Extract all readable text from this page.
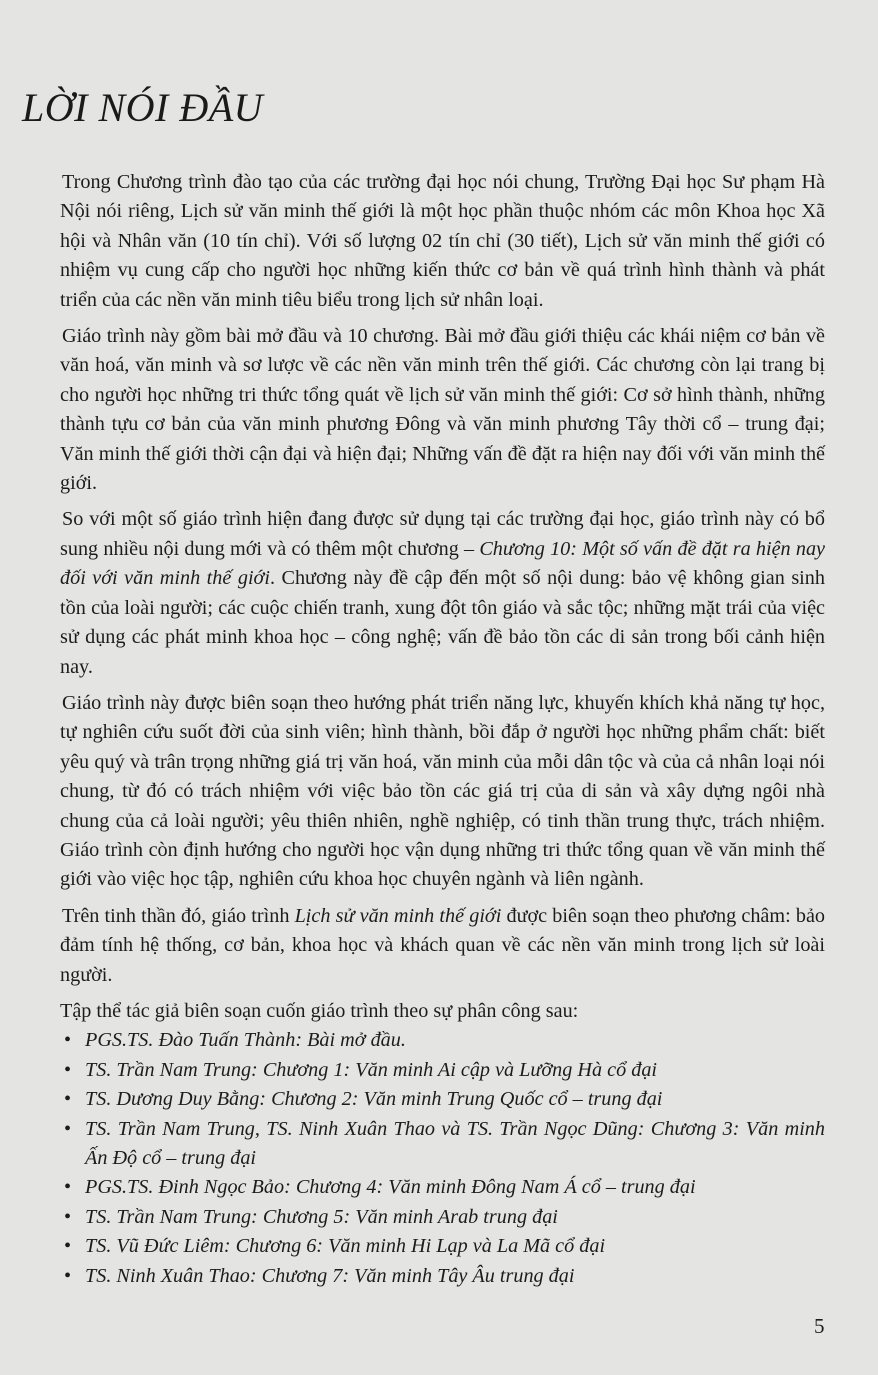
LỜI NÓI ĐẦU

Trong Chương trình đào tạo của các trường đại học nói chung, Trường Đại học Sư phạm Hà Nội nói riêng, Lịch sử văn minh thế giới là một học phần thuộc nhóm các môn Khoa học Xã hội và Nhân văn (10 tín chỉ). Với số lượng 02 tín chỉ (30 tiết), Lịch sử văn minh thế giới có nhiệm vụ cung cấp cho người học những kiến thức cơ bản về quá trình hình thành và phát triển của các nền văn minh tiêu biểu trong lịch sử nhân loại.

Giáo trình này gồm bài mở đầu và 10 chương. Bài mở đầu giới thiệu các khái niệm cơ bản về văn hoá, văn minh và sơ lược về các nền văn minh trên thế giới. Các chương còn lại trang bị cho người học những tri thức tổng quát về lịch sử văn minh thế giới: Cơ sở hình thành, những thành tựu cơ bản của văn minh phương Đông và văn minh phương Tây thời cổ – trung đại; Văn minh thế giới thời cận đại và hiện đại; Những vấn đề đặt ra hiện nay đối với văn minh thế giới.

So với một số giáo trình hiện đang được sử dụng tại các trường đại học, giáo trình này có bổ sung nhiều nội dung mới và có thêm một chương – Chương 10: Một số vấn đề đặt ra hiện nay đối với văn minh thế giới. Chương này đề cập đến một số nội dung: bảo vệ không gian sinh tồn của loài người; các cuộc chiến tranh, xung đột tôn giáo và sắc tộc; những mặt trái của việc sử dụng các phát minh khoa học – công nghệ; vấn đề bảo tồn các di sản trong bối cảnh hiện nay.

Giáo trình này được biên soạn theo hướng phát triển năng lực, khuyến khích khả năng tự học, tự nghiên cứu suốt đời của sinh viên; hình thành, bồi đắp ở người học những phẩm chất: biết yêu quý và trân trọng những giá trị văn hoá, văn minh của mỗi dân tộc và của cả nhân loại nói chung, từ đó có trách nhiệm với việc bảo tồn các giá trị của di sản và xây dựng ngôi nhà chung của cả loài người; yêu thiên nhiên, nghề nghiệp, có tinh thần trung thực, trách nhiệm. Giáo trình còn định hướng cho người học vận dụng những tri thức tổng quan về văn minh thế giới vào việc học tập, nghiên cứu khoa học chuyên ngành và liên ngành.

Trên tinh thần đó, giáo trình Lịch sử văn minh thế giới được biên soạn theo phương châm: bảo đảm tính hệ thống, cơ bản, khoa học và khách quan về các nền văn minh trong lịch sử loài người.

Tập thể tác giả biên soạn cuốn giáo trình theo sự phân công sau:

• PGS.TS. Đào Tuấn Thành: Bài mở đầu.
• TS. Trần Nam Trung: Chương 1: Văn minh Ai cập và Lưỡng Hà cổ đại
• TS. Dương Duy Bằng: Chương 2: Văn minh Trung Quốc cổ – trung đại
• TS. Trần Nam Trung, TS. Ninh Xuân Thao và TS. Trần Ngọc Dũng: Chương 3: Văn minh Ấn Độ cổ – trung đại
• PGS.TS. Đinh Ngọc Bảo: Chương 4: Văn minh Đông Nam Á cổ – trung đại
• TS. Trần Nam Trung: Chương 5: Văn minh Arab trung đại
• TS. Vũ Đức Liêm: Chương 6: Văn minh Hi Lạp và La Mã cổ đại
• TS. Ninh Xuân Thao: Chương 7: Văn minh Tây Âu trung đại
5
